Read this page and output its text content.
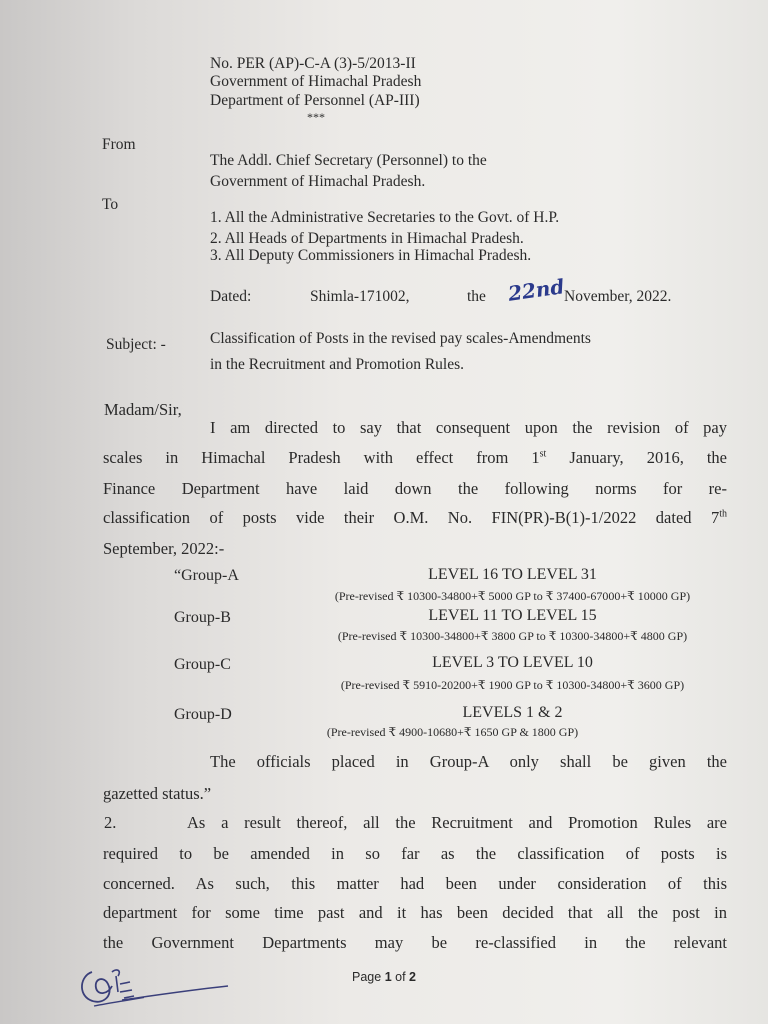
No. PER (AP)-C-A (3)-5/2013-II
Government of Himachal Pradesh
Department of Personnel (AP-III)
***
From
The Addl. Chief Secretary (Personnel) to the
Government of Himachal Pradesh.
To
1. All the Administrative Secretaries to the Govt. of H.P.
2. All Heads of Departments in Himachal Pradesh.
3. All Deputy Commissioners in Himachal Pradesh.
Dated:	Shimla-171002,	the 22nd
November, 2022.
Subject: -	Classification of Posts in the revised pay scales-Amendments
in the Recruitment and Promotion Rules.
Madam/Sir,
I am directed to say that consequent upon the revision of pay
scales in Himachal Pradesh with effect from 1st January, 2016, the
Finance Department have laid down the following norms for re-
classification of posts vide their O.M. No. FIN(PR)-B(1)-1/2022 dated 7th
September, 2022:-
“Group-A	LEVEL 16 TO LEVEL 31
(Pre-revised ₹ 10300-34800+₹ 5000 GP to ₹ 37400-67000+₹ 10000 GP)
Group-B	LEVEL 11 TO LEVEL 15
(Pre-revised ₹ 10300-34800+₹ 3800 GP to ₹ 10300-34800+₹ 4800 GP)
Group-C	LEVEL 3 TO LEVEL 10
(Pre-revised ₹ 5910-20200+₹ 1900 GP to ₹ 10300-34800+₹ 3600 GP)
Group-D	LEVELS 1 & 2
(Pre-revised ₹ 4900-10680+₹ 1650 GP & 1800 GP)
The officials placed in Group-A only shall be given the
gazetted status.”
2.	As a result thereof, all the Recruitment and Promotion Rules are
required to be amended in so far as the classification of posts is
concerned. As such, this matter had been under consideration of this
department for some time past and it has been decided that all the post in
the Government Departments may be re-classified in the relevant
Page 1 of 2
